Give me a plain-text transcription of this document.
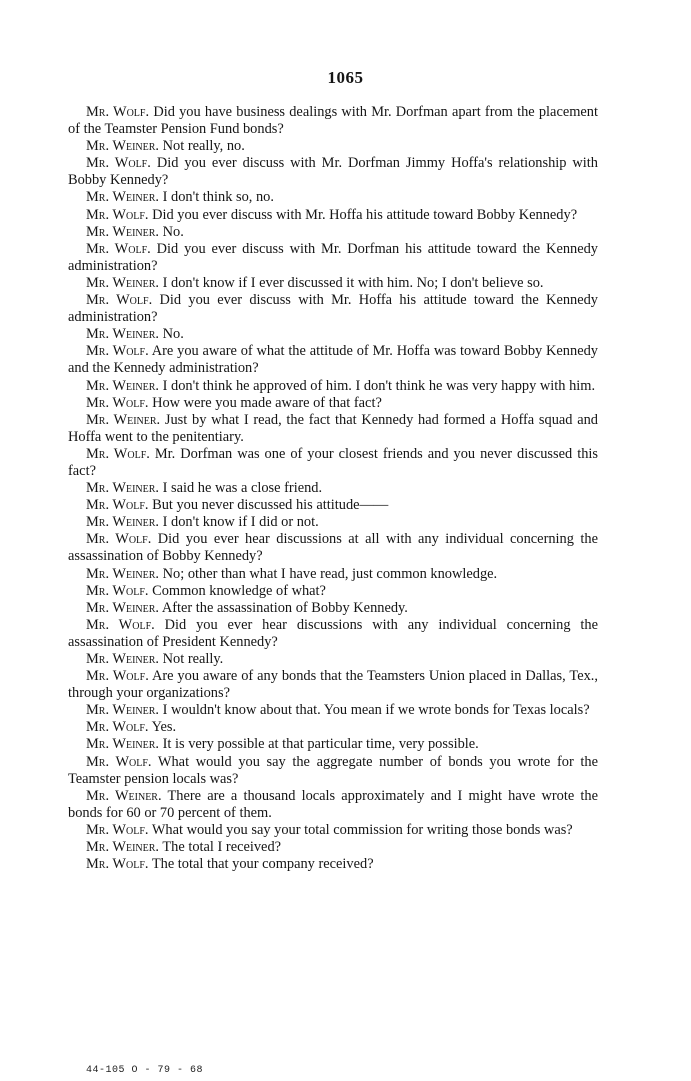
1065

Mr. Wolf. Did you have business dealings with Mr. Dorfman apart from the placement of the Teamster Pension Fund bonds?

Mr. Weiner. Not really, no.

Mr. Wolf. Did you ever discuss with Mr. Dorfman Jimmy Hoffa's relationship with Bobby Kennedy?

Mr. Weiner. I don't think so, no.

Mr. Wolf. Did you ever discuss with Mr. Hoffa his attitude toward Bobby Kennedy?

Mr. Weiner. No.

Mr. Wolf. Did you ever discuss with Mr. Dorfman his attitude toward the Kennedy administration?

Mr. Weiner. I don't know if I ever discussed it with him. No; I don't believe so.

Mr. Wolf. Did you ever discuss with Mr. Hoffa his attitude toward the Kennedy administration?

Mr. Weiner. No.

Mr. Wolf. Are you aware of what the attitude of Mr. Hoffa was toward Bobby Kennedy and the Kennedy administration?

Mr. Weiner. I don't think he approved of him. I don't think he was very happy with him.

Mr. Wolf. How were you made aware of that fact?

Mr. Weiner. Just by what I read, the fact that Kennedy had formed a Hoffa squad and Hoffa went to the penitentiary.

Mr. Wolf. Mr. Dorfman was one of your closest friends and you never discussed this fact?

Mr. Weiner. I said he was a close friend.

Mr. Wolf. But you never discussed his attitude——

Mr. Weiner. I don't know if I did or not.

Mr. Wolf. Did you ever hear discussions at all with any individual concerning the assassination of Bobby Kennedy?

Mr. Weiner. No; other than what I have read, just common knowledge.

Mr. Wolf. Common knowledge of what?

Mr. Weiner. After the assassination of Bobby Kennedy.

Mr. Wolf. Did you ever hear discussions with any individual concerning the assassination of President Kennedy?

Mr. Weiner. Not really.

Mr. Wolf. Are you aware of any bonds that the Teamsters Union placed in Dallas, Tex., through your organizations?

Mr. Weiner. I wouldn't know about that. You mean if we wrote bonds for Texas locals?

Mr. Wolf. Yes.

Mr. Weiner. It is very possible at that particular time, very possible.

Mr. Wolf. What would you say the aggregate number of bonds you wrote for the Teamster pension locals was?

Mr. Weiner. There are a thousand locals approximately and I might have wrote the bonds for 60 or 70 percent of them.

Mr. Wolf. What would you say your total commission for writing those bonds was?

Mr. Weiner. The total I received?

Mr. Wolf. The total that your company received?

44-105 O - 79 - 68
